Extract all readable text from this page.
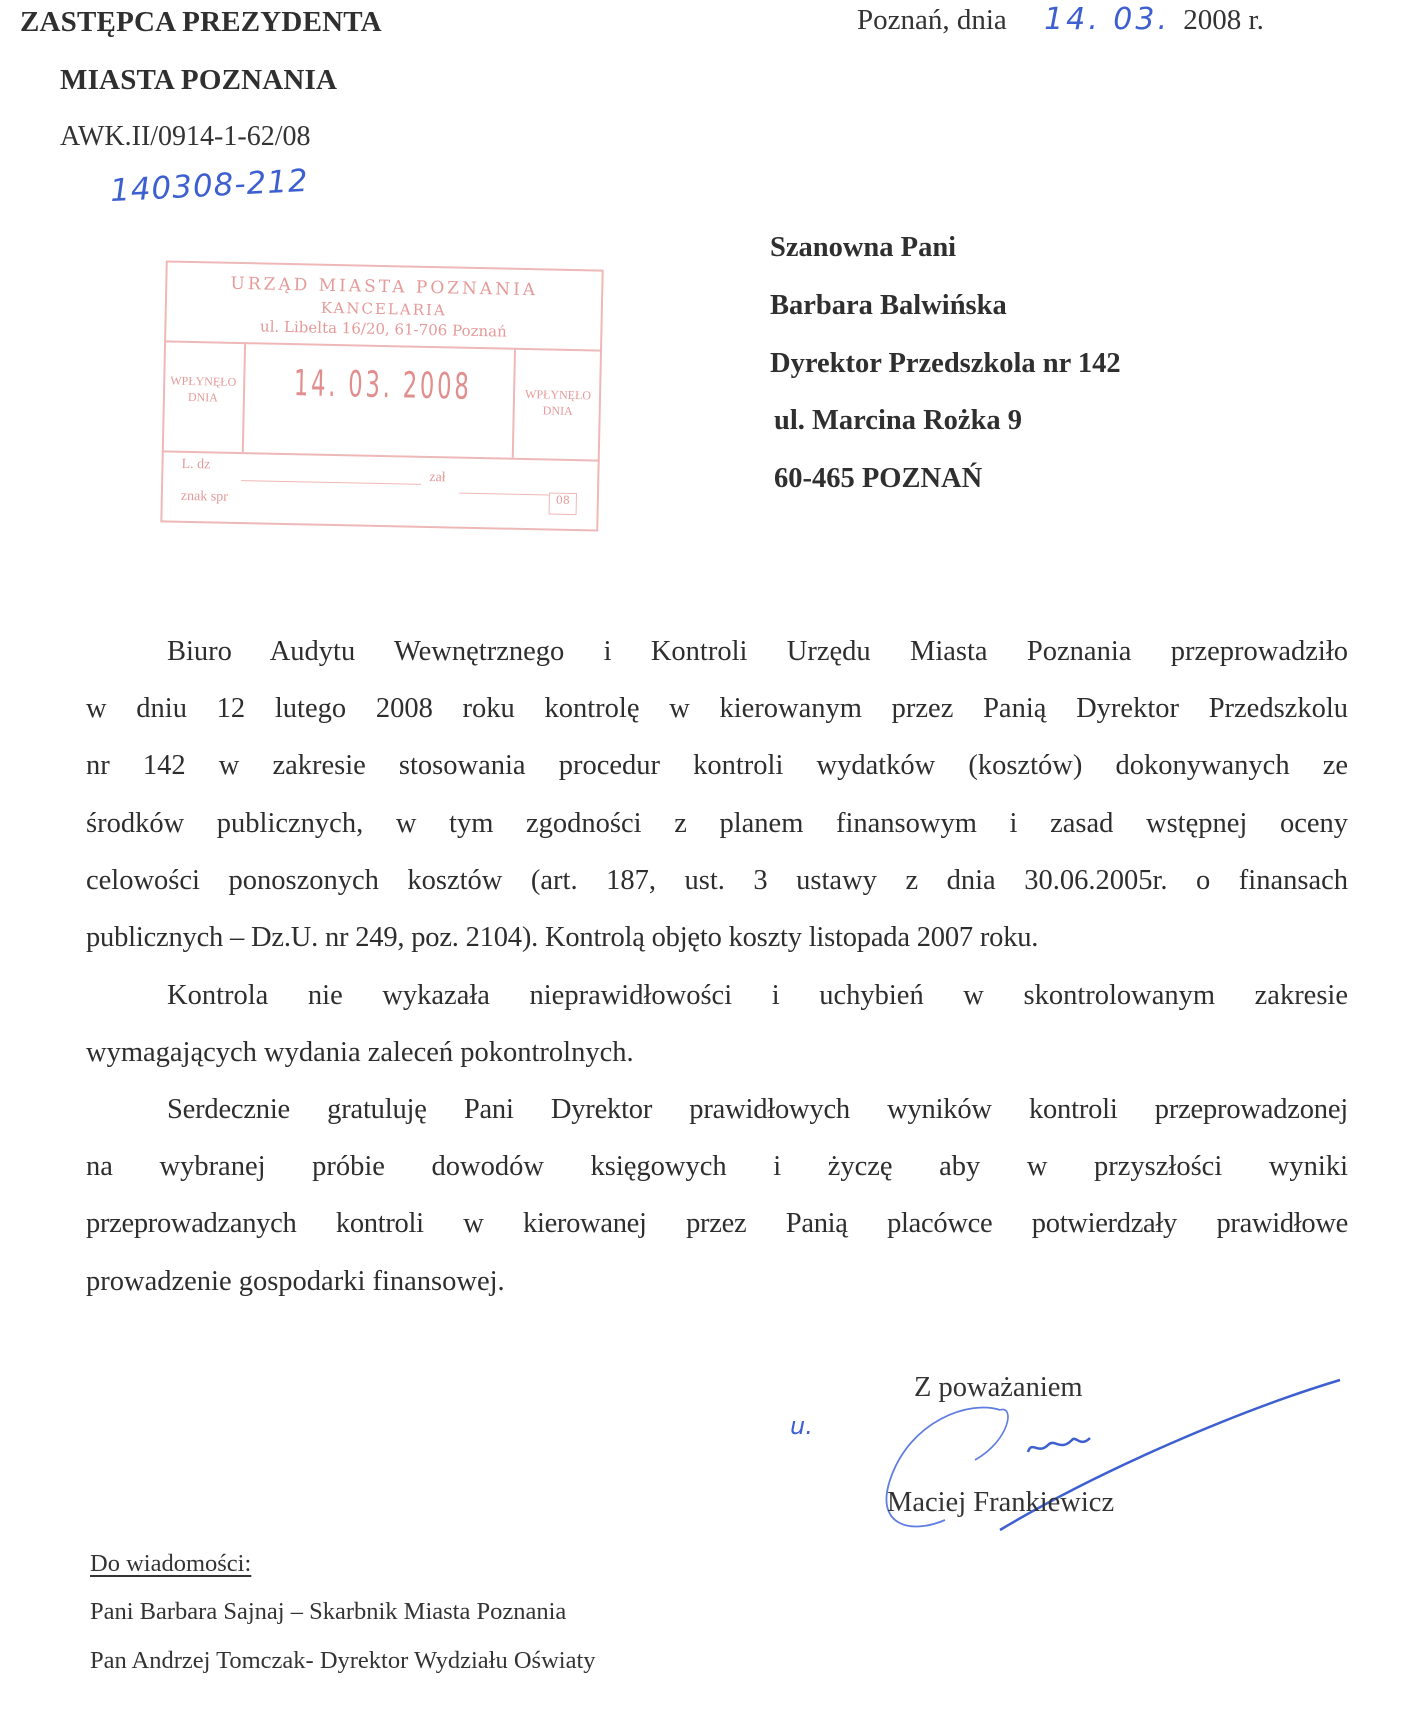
ZASTĘPCA PREZYDENTA
MIASTA POZNANIA
AWK.II/0914-1-62/08
140308-212
Poznań, dnia 14. 03. 2008 r.
URZĄD MIASTA POZNANIA
KANCELARIA
ul. Libelta 16/20, 61-706 Poznań
WPŁYNĘŁO
DNIA	14. 03. 2008	WPŁYNĘŁO
DNIA
L. dz
zał
znak spr	08
Szanowna Pani
Barbara Balwińska
Dyrektor Przedszkola nr 142
ul. Marcina Rożka 9
60-465 POZNAŃ
Biuro Audytu Wewnętrznego i Kontroli Urzędu Miasta Poznania przeprowadziło
w dniu 12 lutego 2008 roku kontrolę w kierowanym przez Panią Dyrektor Przedszkolu
nr 142 w zakresie stosowania procedur kontroli wydatków (kosztów) dokonywanych ze
środków publicznych, w tym zgodności z planem finansowym i zasad wstępnej oceny
celowości ponoszonych kosztów (art. 187, ust. 3 ustawy z dnia 30.06.2005r. o finansach
publicznych – Dz.U. nr 249, poz. 2104). Kontrolą objęto koszty listopada 2007 roku.
Kontrola nie wykazała nieprawidłowości i uchybień w skontrolowanym zakresie
wymagających wydania zaleceń pokontrolnych.
Serdecznie gratuluję Pani Dyrektor prawidłowych wyników kontroli przeprowadzonej
na wybranej próbie dowodów księgowych i życzę aby w przyszłości wyniki
przeprowadzanych kontroli w kierowanej przez Panią placówce potwierdzały prawidłowe
prowadzenie gospodarki finansowej.
Z poważaniem
u.
Maciej Frankiewicz
Do wiadomości:
Pani Barbara Sajnaj – Skarbnik Miasta Poznania
Pan Andrzej Tomczak- Dyrektor Wydziału Oświaty
